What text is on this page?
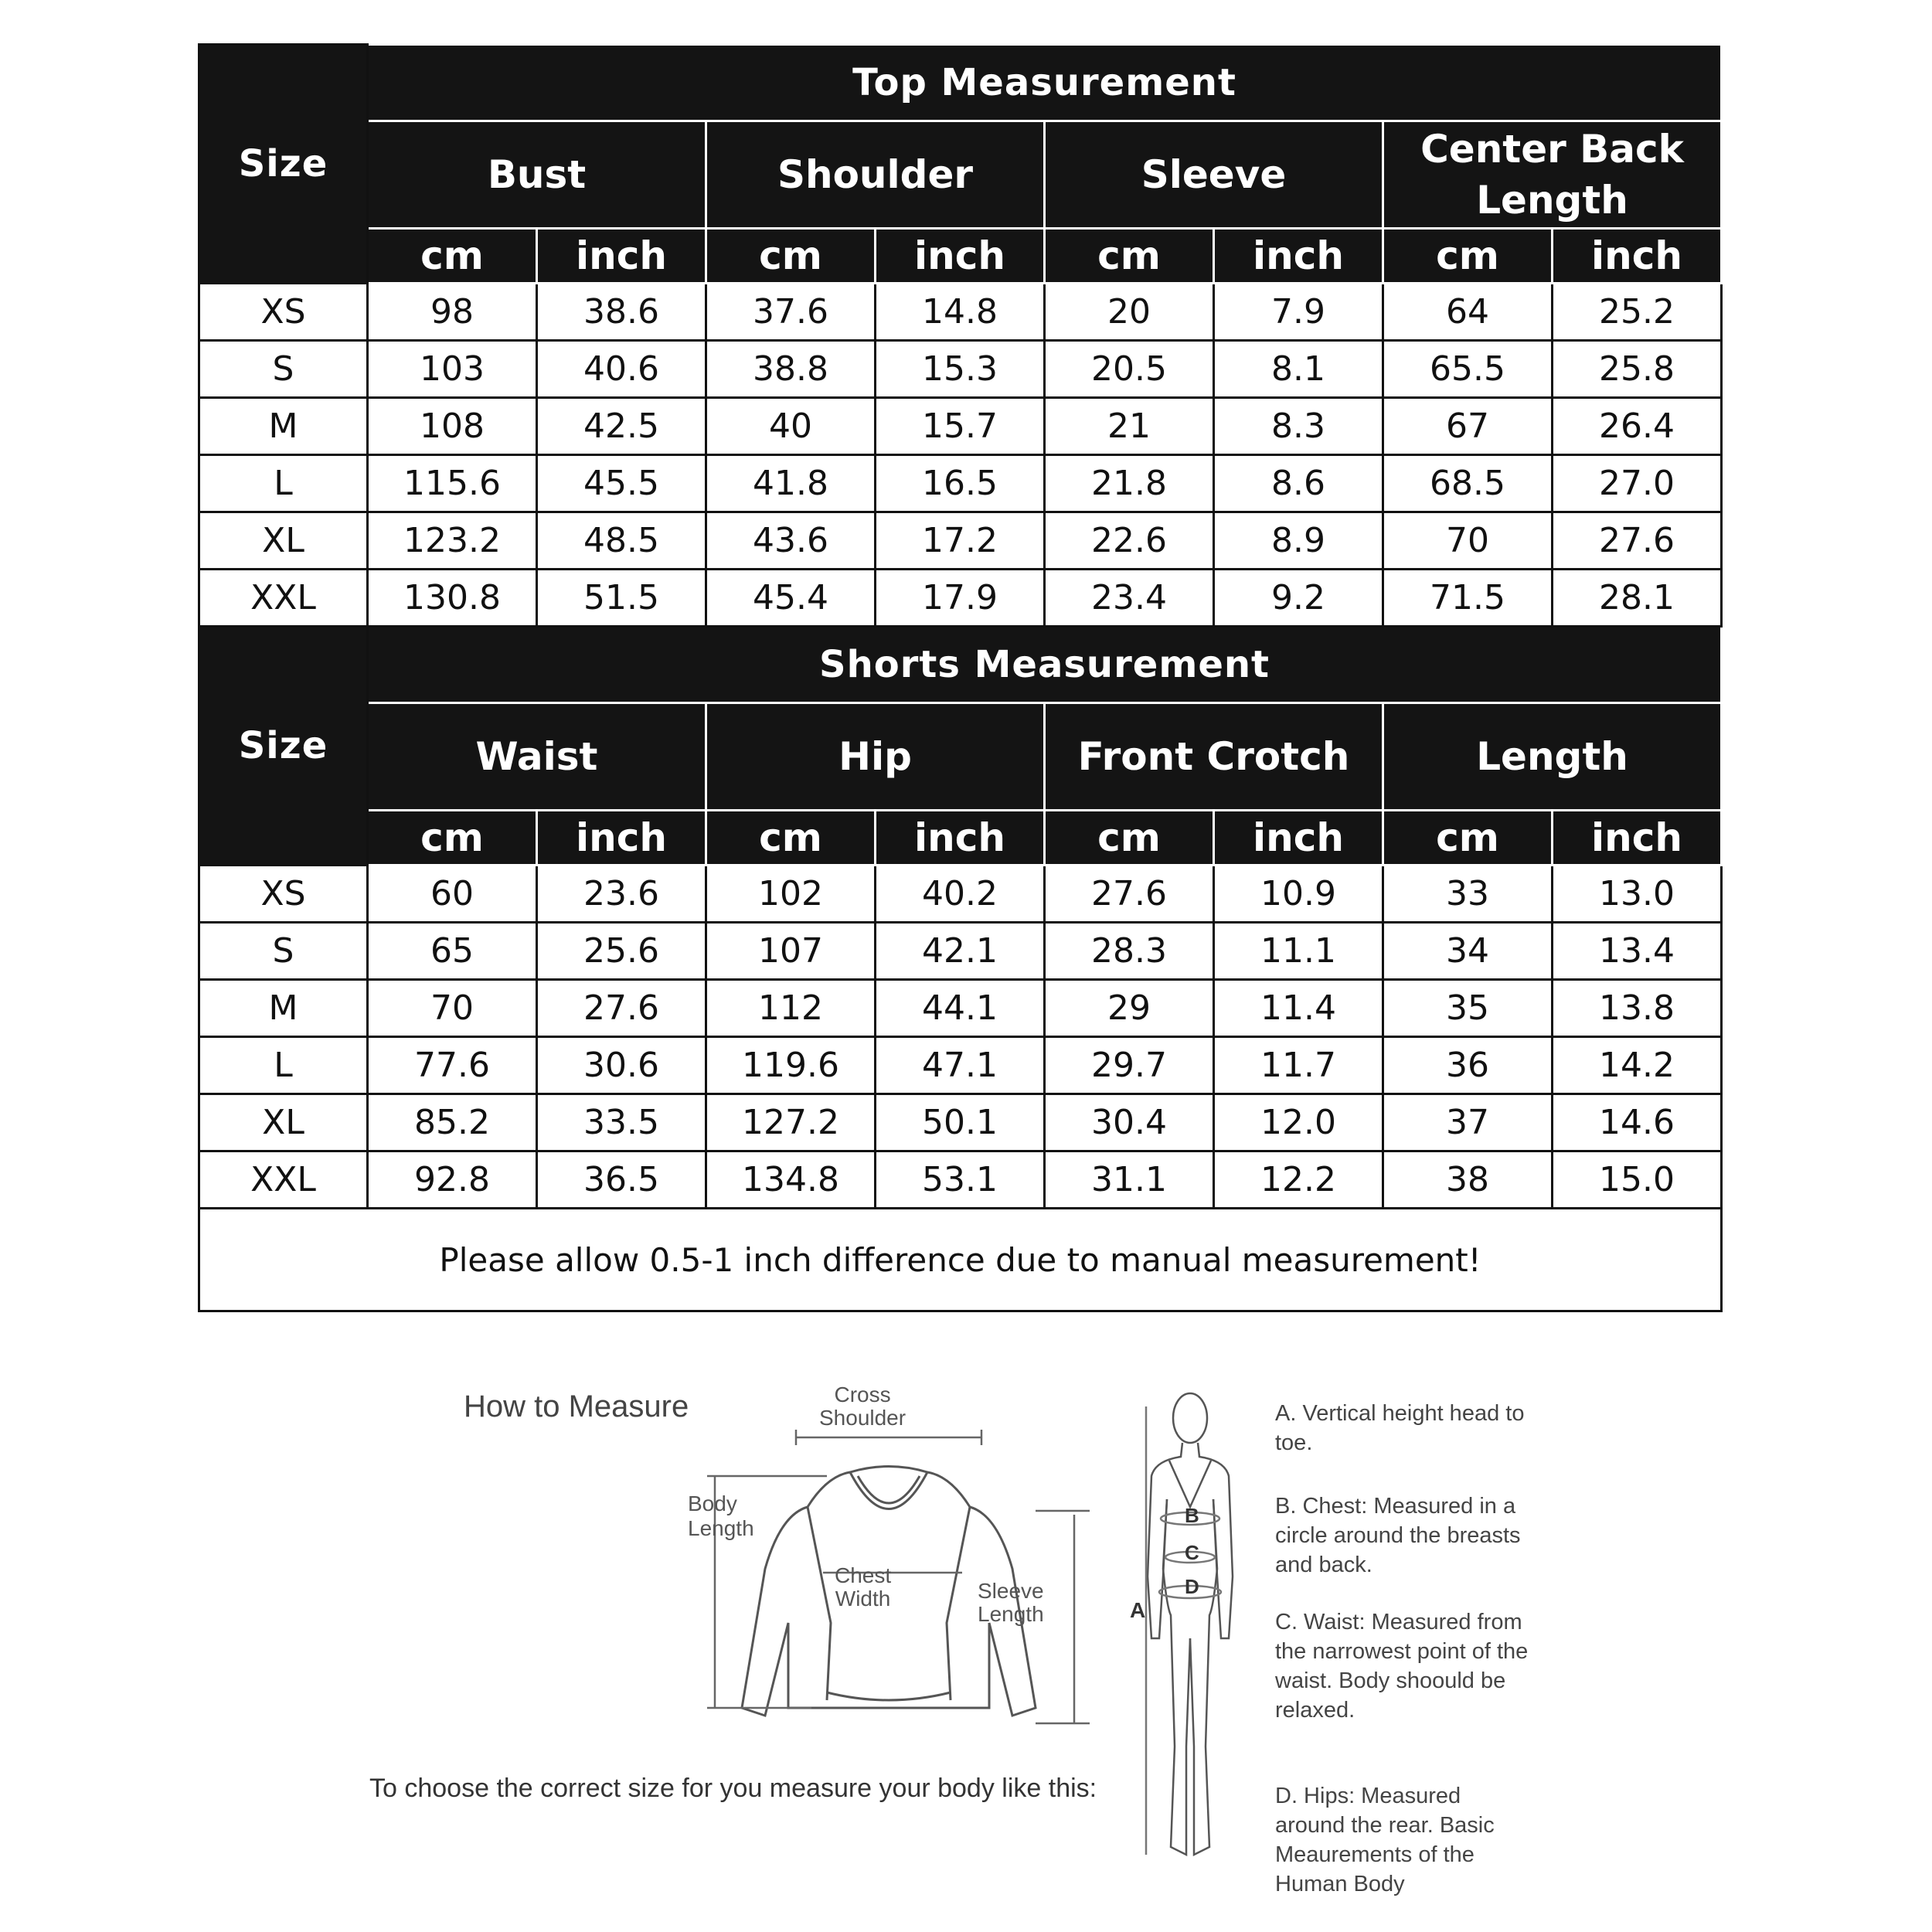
Size	Top Measurement							
	Bust		Shoulder		Sleeve		Center Back Length	
	cm	inch	cm	inch	cm	inch	cm	inch
XS	98	38.6	37.6	14.8	20	7.9	64	25.2
S	103	40.6	38.8	15.3	20.5	8.1	65.5	25.8
M	108	42.5	40	15.7	21	8.3	67	26.4
L	115.6	45.5	41.8	16.5	21.8	8.6	68.5	27.0
XL	123.2	48.5	43.6	17.2	22.6	8.9	70	27.6
XXL	130.8	51.5	45.4	17.9	23.4	9.2	71.5	28.1
Size	Shorts Measurement							
	Waist		Hip		Front Crotch		Length	
	cm	inch	cm	inch	cm	inch	cm	inch
XS	60	23.6	102	40.2	27.6	10.9	33	13.0
S	65	25.6	107	42.1	28.3	11.1	34	13.4
M	70	27.6	112	44.1	29	11.4	35	13.8
L	77.6	30.6	119.6	47.1	29.7	11.7	36	14.2
XL	85.2	33.5	127.2	50.1	30.4	12.0	37	14.6
XXL	92.8	36.5	134.8	53.1	31.1	12.2	38	15.0
Please allow 0.5-1 inch difference due to manual measurement!								
How to Measure	Cross
Shoulder
Body
Length
Chest
Width	Sleeve
Length
To choose the correct size for you measure your body like this:
A
B
C
D
A. Vertical height head to toe.
B. Chest: Measured in a circle around the breasts and back.
C. Waist: Measured from the narrowest point of the waist. Body shoould be relaxed.
D. Hips: Measured around the rear. Basic Meaurements of the Human Body
